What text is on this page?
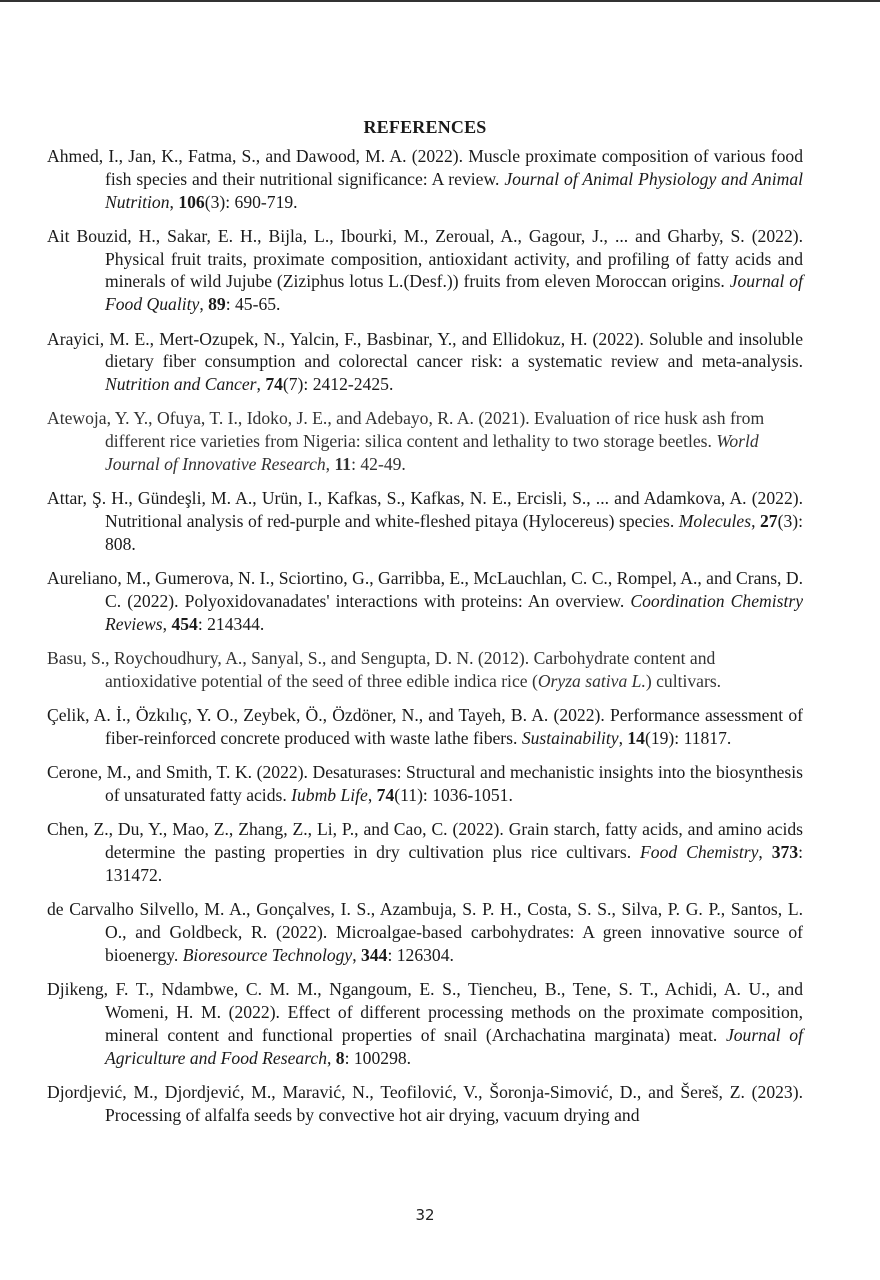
REFERENCES

Ahmed, I., Jan, K., Fatma, S., and Dawood, M. A. (2022). Muscle proximate composition of various food fish species and their nutritional significance: A review. Journal of Animal Physiology and Animal Nutrition, 106(3): 690-719.

Ait Bouzid, H., Sakar, E. H., Bijla, L., Ibourki, M., Zeroual, A., Gagour, J., ... and Gharby, S. (2022). Physical fruit traits, proximate composition, antioxidant activity, and profiling of fatty acids and minerals of wild Jujube (Ziziphus lotus L.(Desf.)) fruits from eleven Moroccan origins. Journal of Food Quality, 89: 45-65.

Arayici, M. E., Mert-Ozupek, N., Yalcin, F., Basbinar, Y., and Ellidokuz, H. (2022). Soluble and insoluble dietary fiber consumption and colorectal cancer risk: a systematic review and meta-analysis. Nutrition and Cancer, 74(7): 2412-2425.

Atewoja, Y. Y., Ofuya, T. I., Idoko, J. E., and Adebayo, R. A. (2021). Evaluation of rice husk ash from different rice varieties from Nigeria: silica content and lethality to two storage beetles. World Journal of Innovative Research, 11: 42-49.

Attar, Ş. H., Gündeşli, M. A., Urün, I., Kafkas, S., Kafkas, N. E., Ercisli, S., ... and Adamkova, A. (2022). Nutritional analysis of red-purple and white-fleshed pitaya (Hylocereus) species. Molecules, 27(3): 808.

Aureliano, M., Gumerova, N. I., Sciortino, G., Garribba, E., McLauchlan, C. C., Rompel, A., and Crans, D. C. (2022). Polyoxidovanadates' interactions with proteins: An overview. Coordination Chemistry Reviews, 454: 214344.

Basu, S., Roychoudhury, A., Sanyal, S., and Sengupta, D. N. (2012). Carbohydrate content and antioxidative potential of the seed of three edible indica rice (Oryza sativa L.) cultivars.

Çelik, A. İ., Özkılıç, Y. O., Zeybek, Ö., Özdöner, N., and Tayeh, B. A. (2022). Performance assessment of fiber-reinforced concrete produced with waste lathe fibers. Sustainability, 14(19): 11817.

Cerone, M., and Smith, T. K. (2022). Desaturases: Structural and mechanistic insights into the biosynthesis of unsaturated fatty acids. Iubmb Life, 74(11): 1036-1051.

Chen, Z., Du, Y., Mao, Z., Zhang, Z., Li, P., and Cao, C. (2022). Grain starch, fatty acids, and amino acids determine the pasting properties in dry cultivation plus rice cultivars. Food Chemistry, 373: 131472.

de Carvalho Silvello, M. A., Gonçalves, I. S., Azambuja, S. P. H., Costa, S. S., Silva, P. G. P., Santos, L. O., and Goldbeck, R. (2022). Microalgae-based carbohydrates: A green innovative source of bioenergy. Bioresource Technology, 344: 126304.

Djikeng, F. T., Ndambwe, C. M. M., Ngangoum, E. S., Tiencheu, B., Tene, S. T., Achidi, A. U., and Womeni, H. M. (2022). Effect of different processing methods on the proximate composition, mineral content and functional properties of snail (Archachatina marginata) meat. Journal of Agriculture and Food Research, 8: 100298.

Djordjević, M., Djordjević, M., Maravić, N., Teofilović, V., Šoronja-Simović, D., and Šereš, Z. (2023). Processing of alfalfa seeds by convective hot air drying, vacuum drying and

32
